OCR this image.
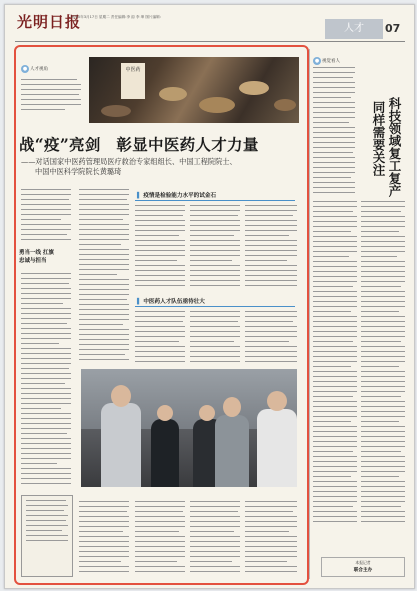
光明日报
2020年3月17日 星期二 责任编辑:李 韵 李 坤 图片编辑:
人才	07
● 人才视角	中医药
战“疫”亮剑　彰显中医药人才力量
——对话国家中医药管理局医疗救治专家组组长、中国工程院院士、
中国中医科学院院长黄璐琦
勇当一线 扛旗
忠诚与担当
▌ 疫情是检验能力水平的试金石
▌ 中医药人才队伍亟待壮大
● 视觉看人
科技领域复工复产
同样需要关注
本报记者
联合主办
